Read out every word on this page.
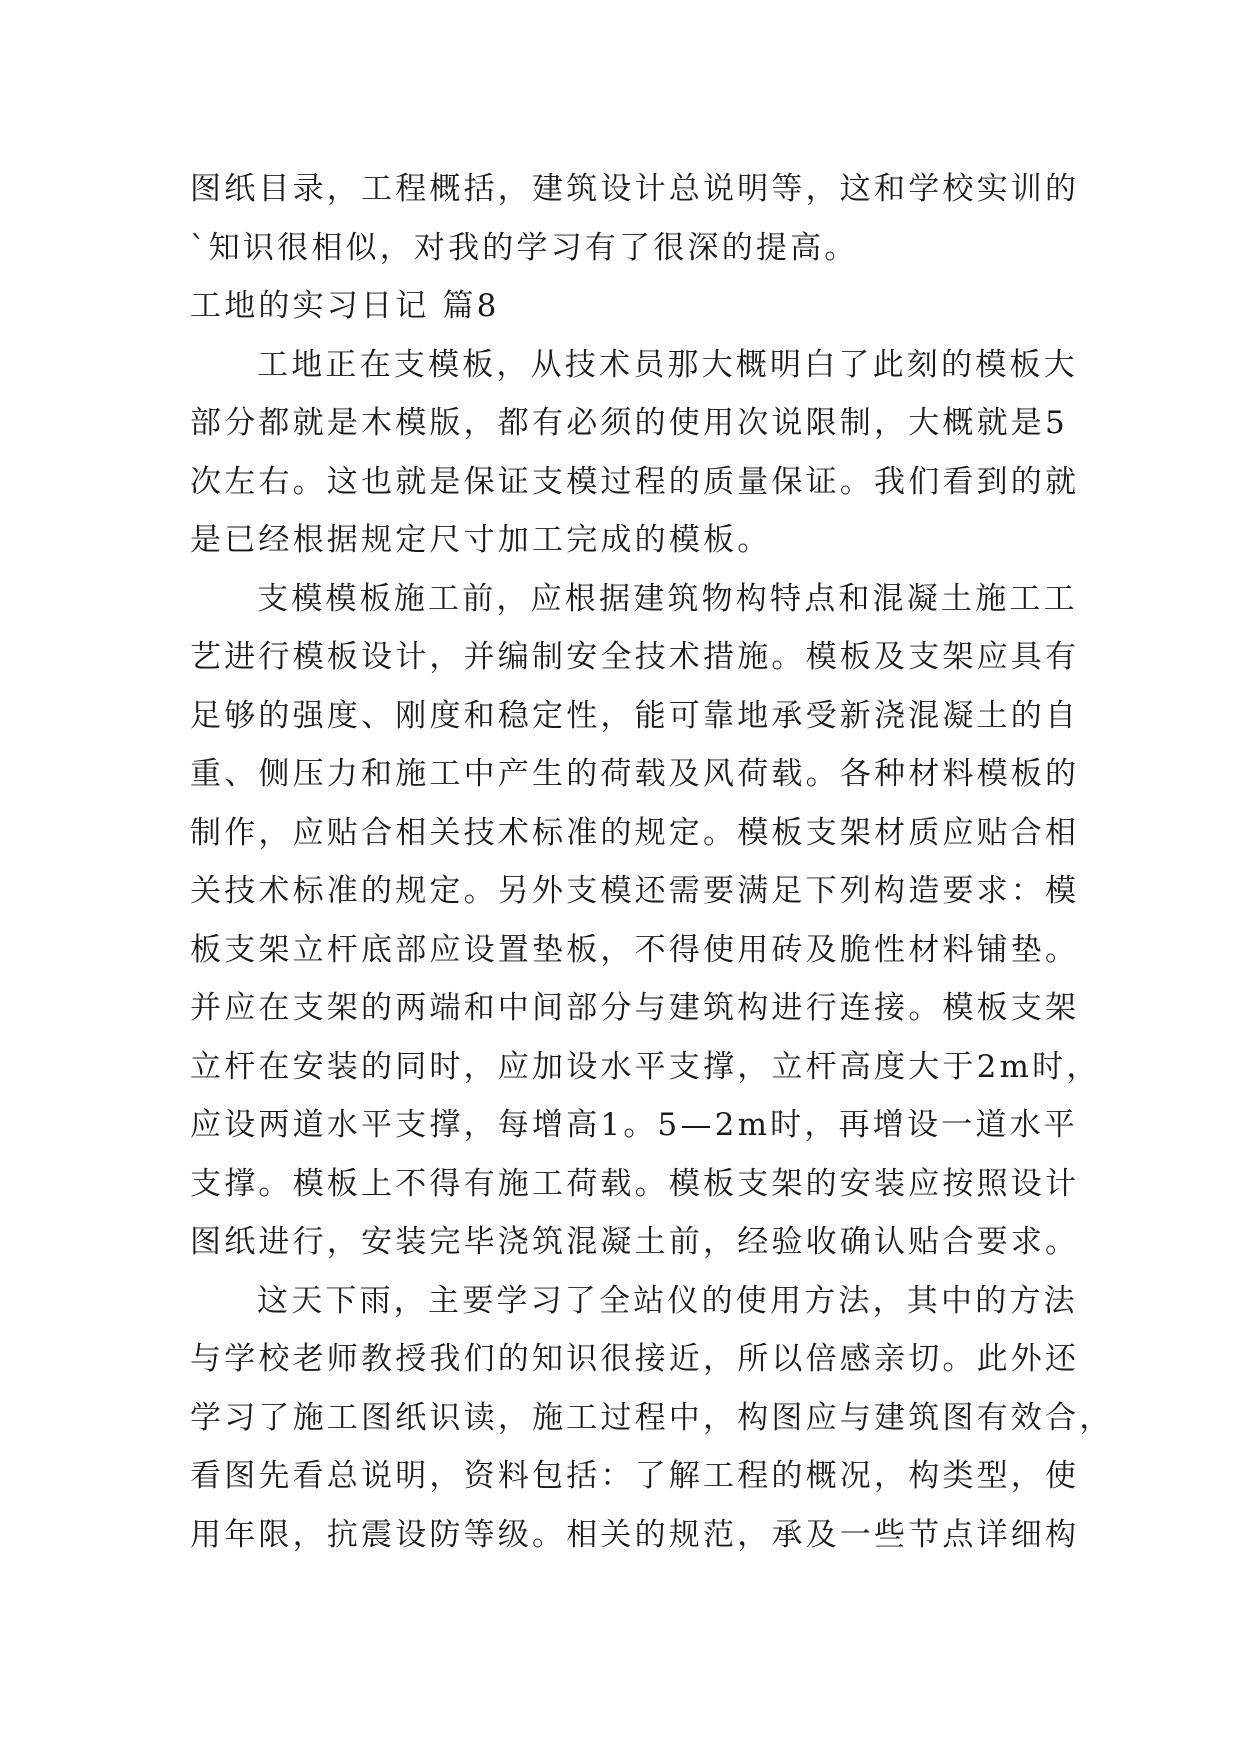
图纸目录，工程概括，建筑设计总说明等，这和学校实训的
`知识很相似，对我的学习有了很深的提高。
工地的实习日记 篇8
工地正在支模板，从技术员那大概明白了此刻的模板大
部分都就是木模版，都有必须的使用次说限制，大概就是5
次左右。这也就是保证支模过程的质量保证。我们看到的就
是已经根据规定尺寸加工完成的模板。
支模模板施工前，应根据建筑物构特点和混凝土施工工
艺进行模板设计，并编制安全技术措施。模板及支架应具有
足够的强度、刚度和稳定性，能可靠地承受新浇混凝土的自
重、侧压力和施工中产生的荷载及风荷载。各种材料模板的
制作，应贴合相关技术标准的规定。模板支架材质应贴合相
关技术标准的规定。另外支模还需要满足下列构造要求：模
板支架立杆底部应设置垫板，不得使用砖及脆性材料铺垫。
并应在支架的两端和中间部分与建筑构进行连接。模板支架
立杆在安装的同时，应加设水平支撑，立杆高度大于2m时，
应设两道水平支撑，每增高1。5—2m时，再增设一道水平
支撑。模板上不得有施工荷载。模板支架的安装应按照设计
图纸进行，安装完毕浇筑混凝土前，经验收确认贴合要求。
这天下雨，主要学习了全站仪的使用方法，其中的方法
与学校老师教授我们的知识很接近，所以倍感亲切。此外还
学习了施工图纸识读，施工过程中，构图应与建筑图有效合，
看图先看总说明，资料包括：了解工程的概况，构类型，使
用年限，抗震设防等级。相关的规范，承及一些节点详细构
